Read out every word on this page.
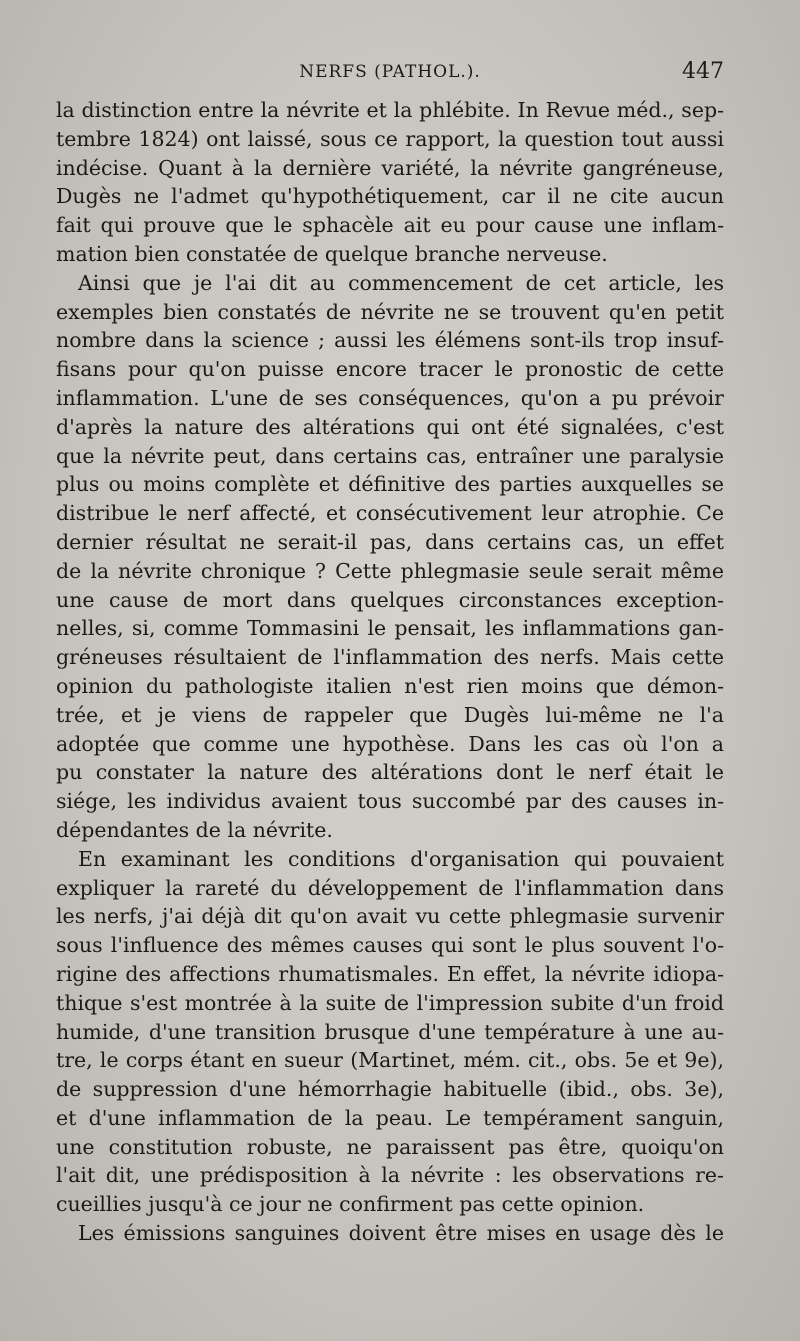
NERFS (PATHOL.).	447
la distinction entre la névrite et la phlébite. In Revue méd., sep-
tembre 1824) ont laissé, sous ce rapport, la question tout aussi
indécise. Quant à la dernière variété, la névrite gangréneuse,
Dugès ne l'admet qu'hypothétiquement, car il ne cite aucun
fait qui prouve que le sphacèle ait eu pour cause une inflam-
mation bien constatée de quelque branche nerveuse.
Ainsi que je l'ai dit au commencement de cet article, les
exemples bien constatés de névrite ne se trouvent qu'en petit
nombre dans la science ; aussi les élémens sont-ils trop insuf-
fisans pour qu'on puisse encore tracer le pronostic de cette
inflammation. L'une de ses conséquences, qu'on a pu prévoir
d'après la nature des altérations qui ont été signalées, c'est
que la névrite peut, dans certains cas, entraîner une paralysie
plus ou moins complète et définitive des parties auxquelles se
distribue le nerf affecté, et consécutivement leur atrophie. Ce
dernier résultat ne serait-il pas, dans certains cas, un effet
de la névrite chronique ? Cette phlegmasie seule serait même
une cause de mort dans quelques circonstances exception-
nelles, si, comme Tommasini le pensait, les inflammations gan-
gréneuses résultaient de l'inflammation des nerfs. Mais cette
opinion du pathologiste italien n'est rien moins que démon-
trée, et je viens de rappeler que Dugès lui-même ne l'a
adoptée que comme une hypothèse. Dans les cas où l'on a
pu constater la nature des altérations dont le nerf était le
siége, les individus avaient tous succombé par des causes in-
dépendantes de la névrite.
En examinant les conditions d'organisation qui pouvaient
expliquer la rareté du développement de l'inflammation dans
les nerfs, j'ai déjà dit qu'on avait vu cette phlegmasie survenir
sous l'influence des mêmes causes qui sont le plus souvent l'o-
rigine des affections rhumatismales. En effet, la névrite idiopa-
thique s'est montrée à la suite de l'impression subite d'un froid
humide, d'une transition brusque d'une température à une au-
tre, le corps étant en sueur (Martinet, mém. cit., obs. 5e et 9e),
de suppression d'une hémorrhagie habituelle (ibid., obs. 3e),
et d'une inflammation de la peau. Le tempérament sanguin,
une constitution robuste, ne paraissent pas être, quoiqu'on
l'ait dit, une prédisposition à la névrite : les observations re-
cueillies jusqu'à ce jour ne confirment pas cette opinion.
Les émissions sanguines doivent être mises en usage dès le
